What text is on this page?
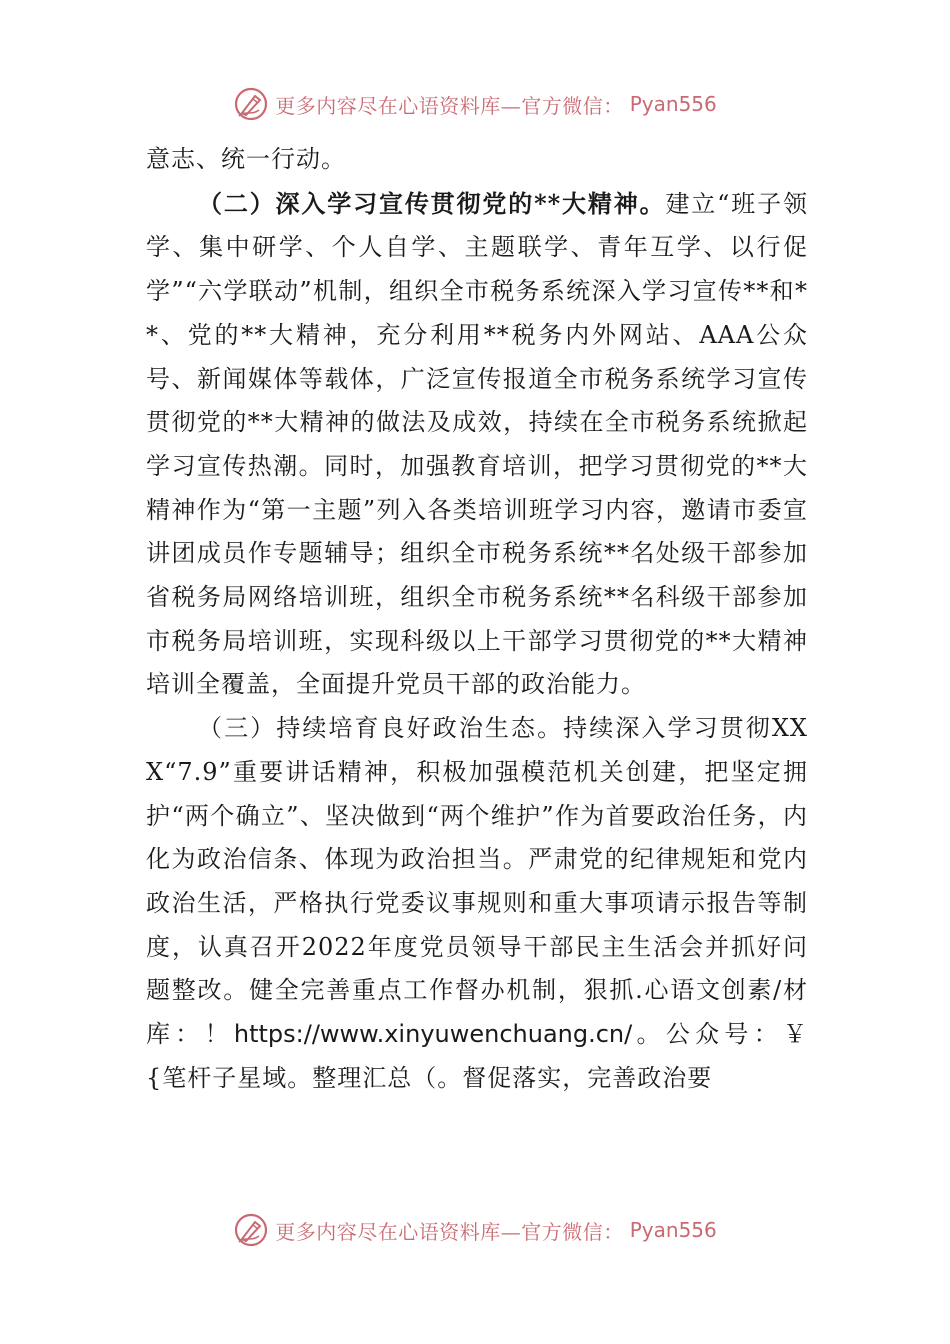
更多内容尽在心语资料库—官方微信： Pyan556

意志、统一行动。

（二）深入学习宣传贯彻党的**大精神。建立“班子领学、集中研学、个人自学、主题联学、青年互学、以行促学”“六学联动”机制，组织全市税务系统深入学习宣传**和**、党的**大精神，充分利用**税务内外网站、AAA公众号、新闻媒体等载体，广泛宣传报道全市税务系统学习宣传贯彻党的**大精神的做法及成效，持续在全市税务系统掀起学习宣传热潮。同时，加强教育培训，把学习贯彻党的**大精神作为“第一主题”列入各类培训班学习内容，邀请市委宣讲团成员作专题辅导；组织全市税务系统**名处级干部参加省税务局网络培训班，组织全市税务系统**名科级干部参加市税务局培训班，实现科级以上干部学习贯彻党的**大精神培训全覆盖，全面提升党员干部的政治能力。

（三）持续培育良好政治生态。持续深入学习贯彻XXX“7.9”重要讲话精神，积极加强模范机关创建，把坚定拥护“两个确立”、坚决做到“两个维护”作为首要政治任务，内化为政治信条、体现为政治担当。严肃党的纪律规矩和党内政治生活，严格执行党委议事规则和重大事项请示报告等制度，认真召开2022年度党员领导干部民主生活会并抓好问题整改。健全完善重点工作督办机制，狠抓.心语文创素/材库：！https://www.xinyuwenchuang.cn/。公众号：￥{笔杆子星域。整理汇总（。督促落实，完善政治要

更多内容尽在心语资料库—官方微信： Pyan556
